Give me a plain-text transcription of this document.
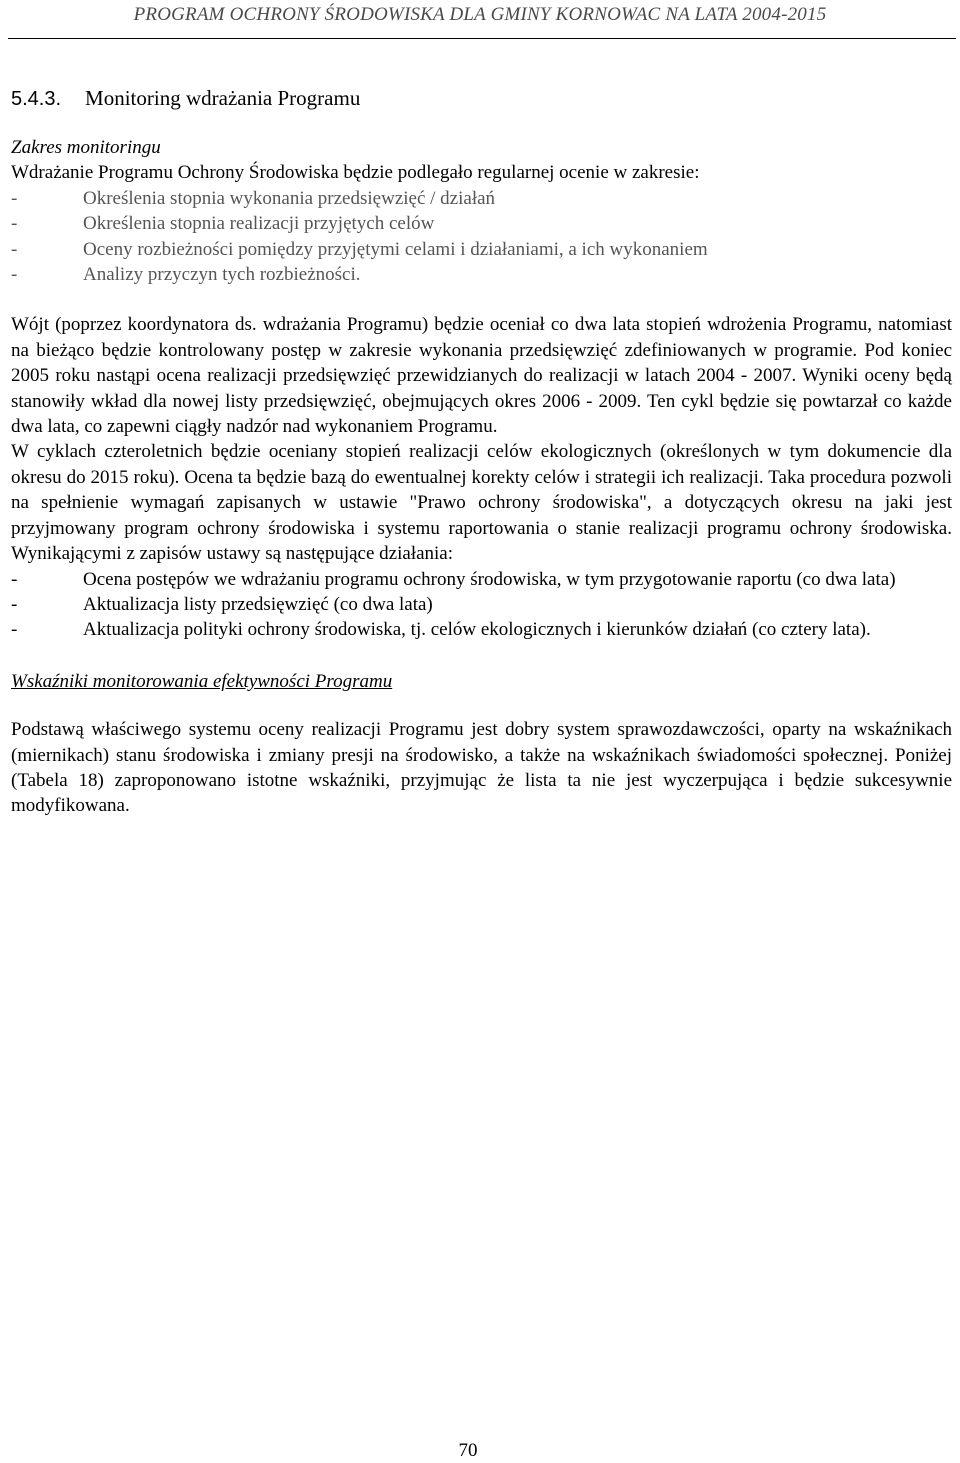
PROGRAM OCHRONY ŚRODOWISKA DLA GMINY KORNOWAC NA LATA 2004-2015
5.4.3. Monitoring wdrażania Programu

Zakres monitoringu

Wdrażanie Programu Ochrony Środowiska będzie podlegało regularnej ocenie w zakresie:

-	Określenia stopnia wykonania przedsięwzięć / działań
-	Określenia stopnia realizacji przyjętych celów
-	Oceny rozbieżności pomiędzy przyjętymi celami i działaniami, a ich wykonaniem
-	Analizy przyczyn tych rozbieżności.

Wójt (poprzez koordynatora ds. wdrażania Programu) będzie oceniał co dwa lata stopień wdrożenia Programu, natomiast na bieżąco będzie kontrolowany postęp w zakresie wykonania przedsięwzięć zdefiniowanych w programie. Pod koniec 2005 roku nastąpi ocena realizacji przedsięwzięć przewidzianych do realizacji w latach 2004 - 2007. Wyniki oceny będą stanowiły wkład dla nowej listy przedsięwzięć, obejmujących okres 2006 - 2009. Ten cykl będzie się powtarzał co każde dwa lata, co zapewni ciągły nadzór nad wykonaniem Programu.

W cyklach czteroletnich będzie oceniany stopień realizacji celów ekologicznych (określonych w tym dokumencie dla okresu do 2015 roku). Ocena ta będzie bazą do ewentualnej korekty celów i strategii ich realizacji. Taka procedura pozwoli na spełnienie wymagań zapisanych w ustawie "Prawo ochrony środowiska", a dotyczących okresu na jaki jest przyjmowany program ochrony środowiska i systemu raportowania o stanie realizacji programu ochrony środowiska. Wynikającymi z zapisów ustawy są następujące działania:

-	Ocena postępów we wdrażaniu programu ochrony środowiska, w tym przygotowanie raportu (co dwa lata)
-	Aktualizacja listy przedsięwzięć (co dwa lata)
-	Aktualizacja polityki ochrony środowiska, tj. celów ekologicznych i kierunków działań (co cztery lata).

Wskaźniki monitorowania efektywności Programu

Podstawą właściwego systemu oceny realizacji Programu jest dobry system sprawozdawczości, oparty na wskaźnikach (miernikach) stanu środowiska i zmiany presji na środowisko, a także na wskaźnikach świadomości społecznej. Poniżej (Tabela 18) zaproponowano istotne wskaźniki, przyjmując że lista ta nie jest wyczerpująca i będzie sukcesywnie modyfikowana.

70
